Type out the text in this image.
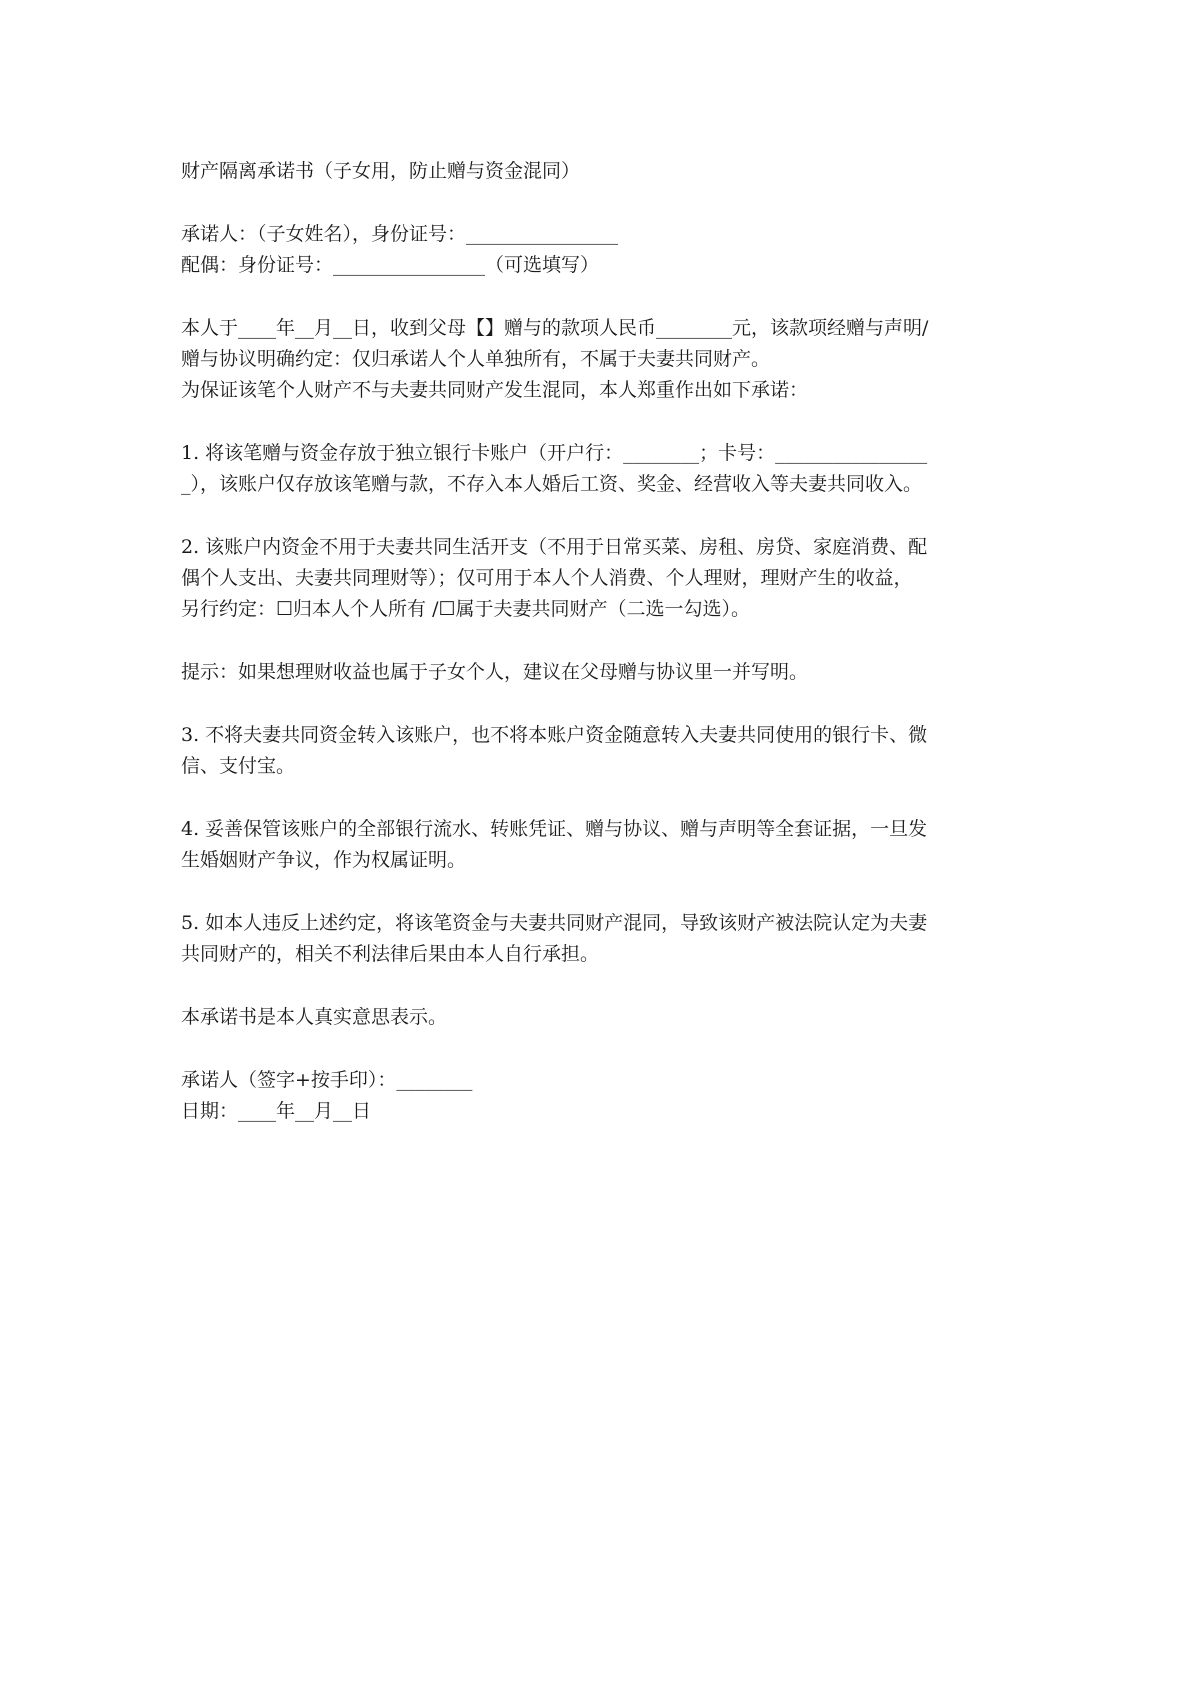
财产隔离承诺书（子女用，防止赠与资金混同）
承诺人：（子女姓名），身份证号：________________
配偶：身份证号：________________（可选填写）
本人于____年__月__日，收到父母【】赠与的款项人民币________元，该款项经赠与声明/
赠与协议明确约定：仅归承诺人个人单独所有，不属于夫妻共同财产。
为保证该笔个人财产不与夫妻共同财产发生混同，本人郑重作出如下承诺：
1. 将该笔赠与资金存放于独立银行卡账户（开户行：________；卡号：________________
_），该账户仅存放该笔赠与款，不存入本人婚后工资、奖金、经营收入等夫妻共同收入。
2. 该账户内资金不用于夫妻共同生活开支（不用于日常买菜、房租、房贷、家庭消费、配
偶个人支出、夫妻共同理财等）；仅可用于本人个人消费、个人理财，理财产生的收益，
另行约定：☐归本人个人所有 /☐属于夫妻共同财产（二选一勾选）。
提示：如果想理财收益也属于子女个人，建议在父母赠与协议里一并写明。
3. 不将夫妻共同资金转入该账户，也不将本账户资金随意转入夫妻共同使用的银行卡、微
信、支付宝。
4. 妥善保管该账户的全部银行流水、转账凭证、赠与协议、赠与声明等全套证据，一旦发
生婚姻财产争议，作为权属证明。
5. 如本人违反上述约定，将该笔资金与夫妻共同财产混同，导致该财产被法院认定为夫妻
共同财产的，相关不利法律后果由本人自行承担。
本承诺书是本人真实意思表示。
承诺人（签字+按手印）：________
日期：____年__月__日
